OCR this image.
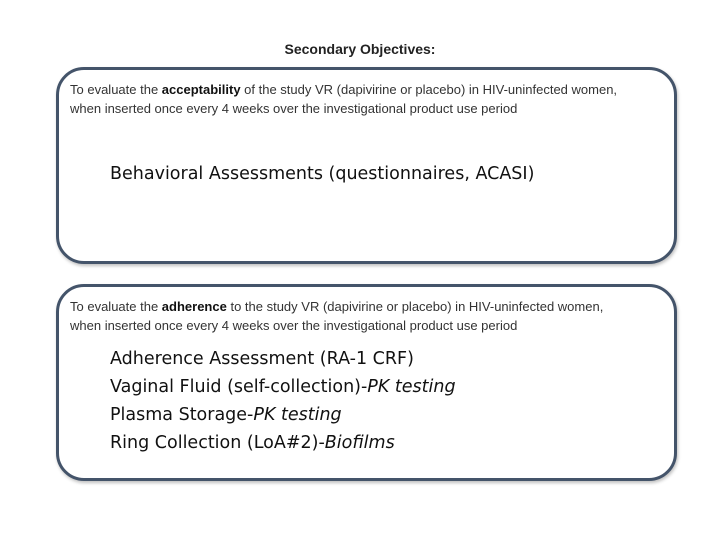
Secondary Objectives:
To evaluate the acceptability of the study VR (dapivirine or placebo) in HIV-uninfected women,
when inserted once every 4 weeks over the investigational product use period
Behavioral Assessments (questionnaires, ACASI)
To evaluate the adherence to the study VR (dapivirine or placebo) in HIV-uninfected women,
when inserted once every 4 weeks over the investigational product use period
Adherence Assessment (RA-1 CRF)
Vaginal Fluid (self-collection)-PK testing
Plasma Storage-PK testing
Ring Collection (LoA#2)-Biofilms
